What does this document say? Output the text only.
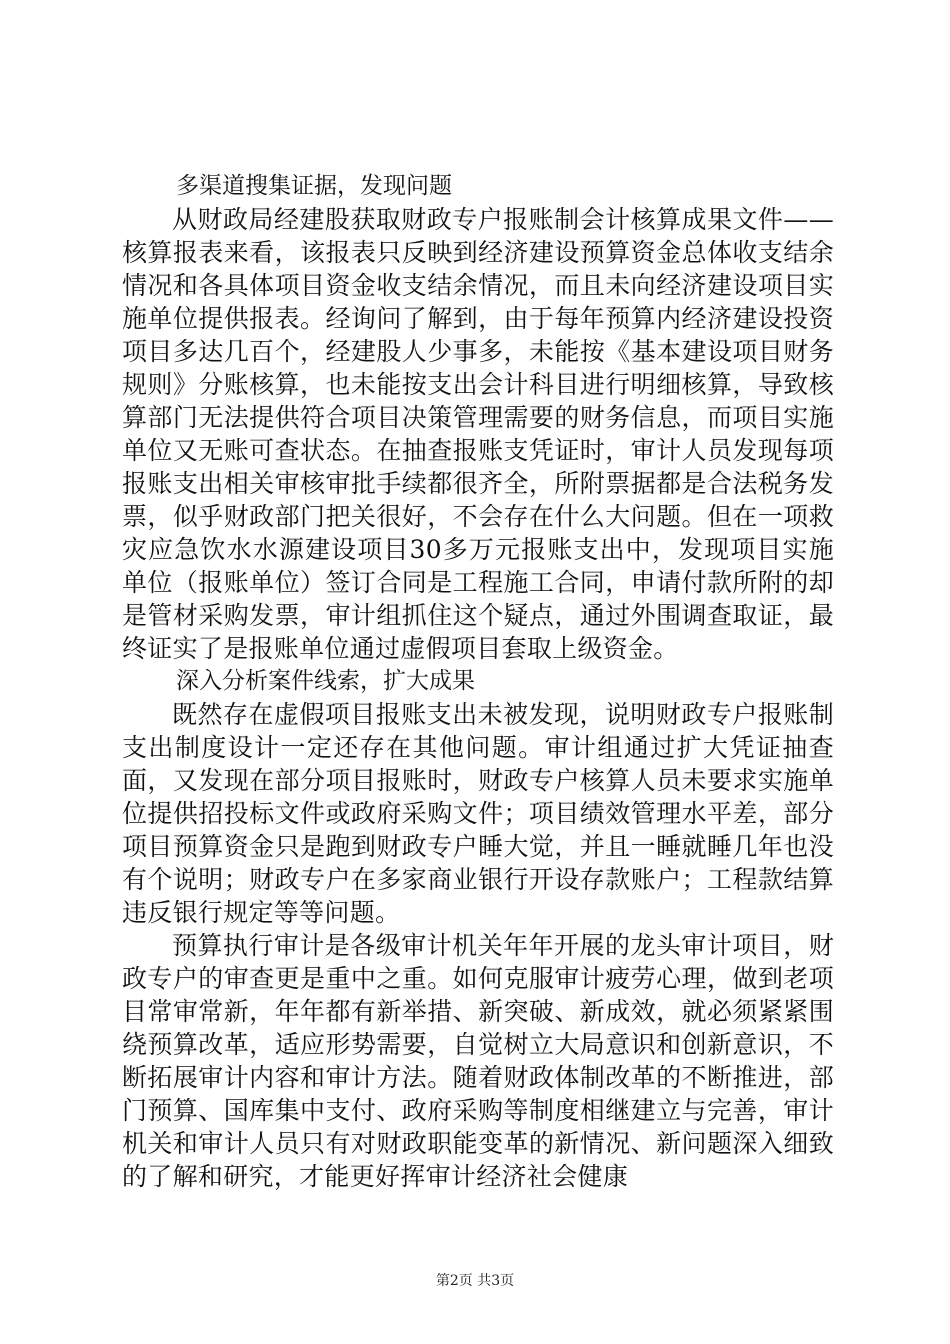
多渠道搜集证据，发现问题

从财政局经建股获取财政专户报账制会计核算成果文件——核算报表来看，该报表只反映到经济建设预算资金总体收支结余情况和各具体项目资金收支结余情况，而且未向经济建设项目实施单位提供报表。经询问了解到，由于每年预算内经济建设投资项目多达几百个，经建股人少事多，未能按《基本建设项目财务规则》分账核算，也未能按支出会计科目进行明细核算，导致核算部门无法提供符合项目决策管理需要的财务信息，而项目实施单位又无账可查状态。在抽查报账支凭证时，审计人员发现每项报账支出相关审核审批手续都很齐全，所附票据都是合法税务发票，似乎财政部门把关很好，不会存在什么大问题。但在一项救灾应急饮水水源建设项目30多万元报账支出中，发现项目实施单位（报账单位）签订合同是工程施工合同，申请付款所附的却是管材采购发票，审计组抓住这个疑点，通过外围调查取证，最终证实了是报账单位通过虚假项目套取上级资金。

深入分析案件线索，扩大成果

既然存在虚假项目报账支出未被发现，说明财政专户报账制支出制度设计一定还存在其他问题。审计组通过扩大凭证抽查面，又发现在部分项目报账时，财政专户核算人员未要求实施单位提供招投标文件或政府采购文件；项目绩效管理水平差，部分项目预算资金只是跑到财政专户睡大觉，并且一睡就睡几年也没有个说明；财政专户在多家商业银行开设存款账户；工程款结算违反银行规定等等问题。

预算执行审计是各级审计机关年年开展的龙头审计项目，财政专户的审查更是重中之重。如何克服审计疲劳心理，做到老项目常审常新，年年都有新举措、新突破、新成效，就必须紧紧围绕预算改革，适应形势需要，自觉树立大局意识和创新意识，不断拓展审计内容和审计方法。随着财政体制改革的不断推进，部门预算、国库集中支付、政府采购等制度相继建立与完善，审计机关和审计人员只有对财政职能变革的新情况、新问题深入细致的了解和研究，才能更好挥审计经济社会健康

第2页 共3页
